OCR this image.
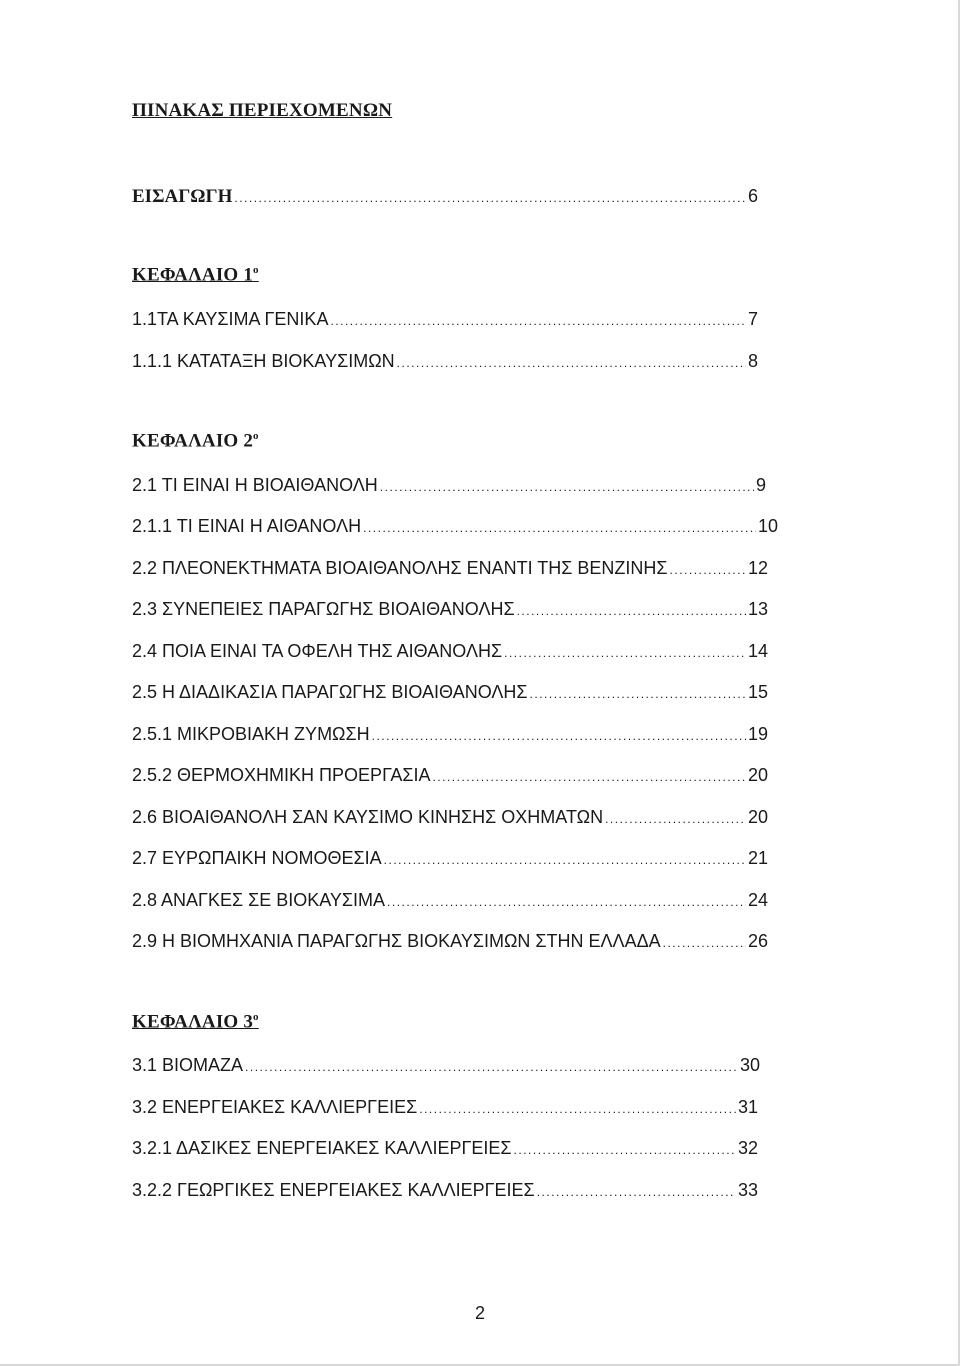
ΠΙΝΑΚΑΣ ΠΕΡΙΕΧΟΜΕΝΩΝ
ΕΙΣΑΓΩΓΗ .....	6
ΚΕΦΑΛΑΙΟ $1^o$
1.1ΤΑ ΚΑΥΣΙΜΑ ΓΕΝΙΚΑ .....	7
1.1.1 ΚΑΤΑΤΑΞΗ ΒΙΟΚΑΥΣΙΜΩΝ .....	8
ΚΕΦΑΛΑΙΟ $2^o$
2.1 ΤΙ ΕΙΝΑΙ Η ΒΙΟΑΙΘΑΝΟΛΗ .....	9
2.1.1 ΤΙ ΕΙΝΑΙ Η ΑΙΘΑΝΟΛΗ .....	10
2.2 ΠΛΕΟΝΕΚΤΗΜΑΤΑ ΒΙΟΑΙΘΑΝΟΛΗΣ ΕΝΑΝΤΙ ΤΗΣ ΒΕΝΖΙΝΗΣ .....	12
2.3 ΣΥΝΕΠΕΙΕΣ ΠΑΡΑΓΩΓΗΣ ΒΙΟΑΙΘΑΝΟΛΗΣ .....	13
2.4 ΠΟΙΑ ΕΙΝΑΙ ΤΑ ΟΦΕΛΗ ΤΗΣ ΑΙΘΑΝΟΛΗΣ .....	14
2.5 Η ΔΙΑΔΙΚΑΣΙΑ ΠΑΡΑΓΩΓΗΣ ΒΙΟΑΙΘΑΝΟΛΗΣ .....	15
2.5.1 ΜΙΚΡΟΒΙΑΚΗ ΖΥΜΩΣΗ .....	19
2.5.2 ΘΕΡΜΟΧΗΜΙΚΗ ΠΡΟΕΡΓΑΣΙΑ .....	20
2.6 ΒΙΟΑΙΘΑΝΟΛΗ ΣΑΝ ΚΑΥΣΙΜΟ ΚΙΝΗΣΗΣ ΟΧΗΜΑΤΩΝ .....	20
2.7 ΕΥΡΩΠΑΙΚΗ ΝΟΜΟΘΕΣΙΑ .....	21
2.8 ΑΝΑΓΚΕΣ ΣΕ ΒΙΟΚΑΥΣΙΜΑ .....	24
2.9 Η ΒΙΟΜΗΧΑΝΙΑ ΠΑΡΑΓΩΓΗΣ ΒΙΟΚΑΥΣΙΜΩΝ ΣΤΗΝ ΕΛΛΑΔΑ .....	26
ΚΕΦΑΛΑΙΟ $3^o$
3.1 ΒΙΟΜΑΖΑ .....	30
3.2 ΕΝΕΡΓΕΙΑΚΕΣ ΚΑΛΛΙΕΡΓΕΙΕΣ .....	31
3.2.1 ΔΑΣΙΚΕΣ ΕΝΕΡΓΕΙΑΚΕΣ ΚΑΛΛΙΕΡΓΕΙΕΣ .....	32
3.2.2 ΓΕΩΡΓΙΚΕΣ ΕΝΕΡΓΕΙΑΚΕΣ ΚΑΛΛΙΕΡΓΕΙΕΣ .....	33
2
